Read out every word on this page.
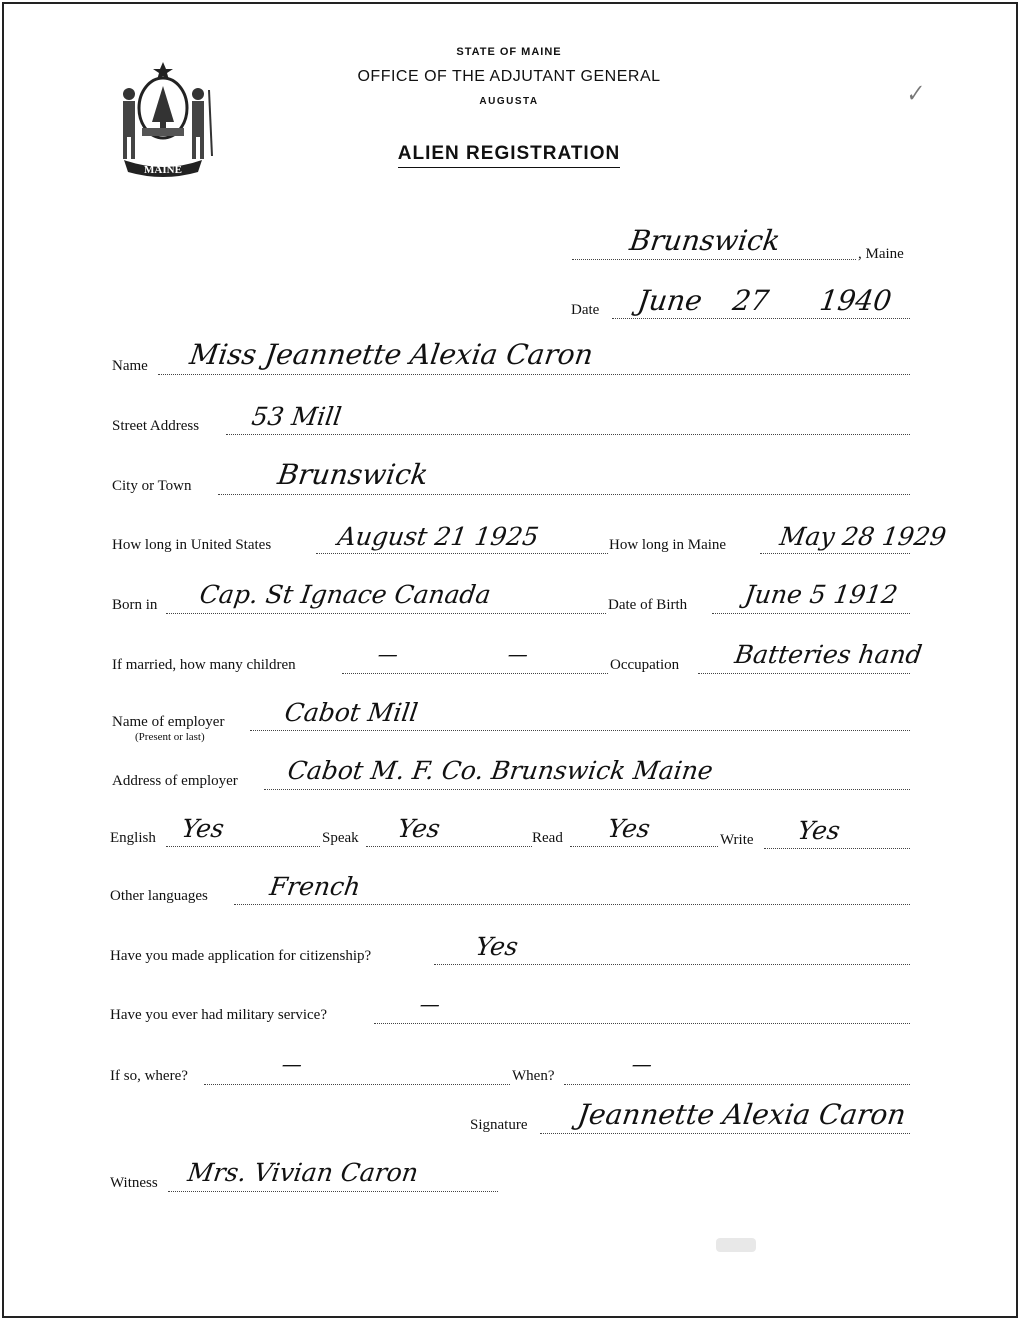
MAINE
STATE OF MAINE
OFFICE OF THE ADJUTANT GENERAL
AUGUSTA
ALIEN REGISTRATION
✓
Brunswick	, Maine
Date June 27 1940
Name Miss Jeannette Alexia Caron
Street Address 53 Mill
City or Town	Brunswick
How long in United States	August 21 1925	How long in Maine May 28 1929
Born in Cap. St Ignace Canada	Date of Birth June 5 1912
If married, how many children	—	—	Occupation Batteries hand
Name of employer
(Present or last)
Cabot Mill
Address of employer Cabot M. F. Co. Brunswick Maine
English Yes	Speak Yes	Read Yes	Write Yes
Other languages French
Have you made application for citizenship?	Yes
Have you ever had military service?	—
If so, where?	—	When?	—
Signature Jeannette Alexia Caron
Witness Mrs. Vivian Caron
